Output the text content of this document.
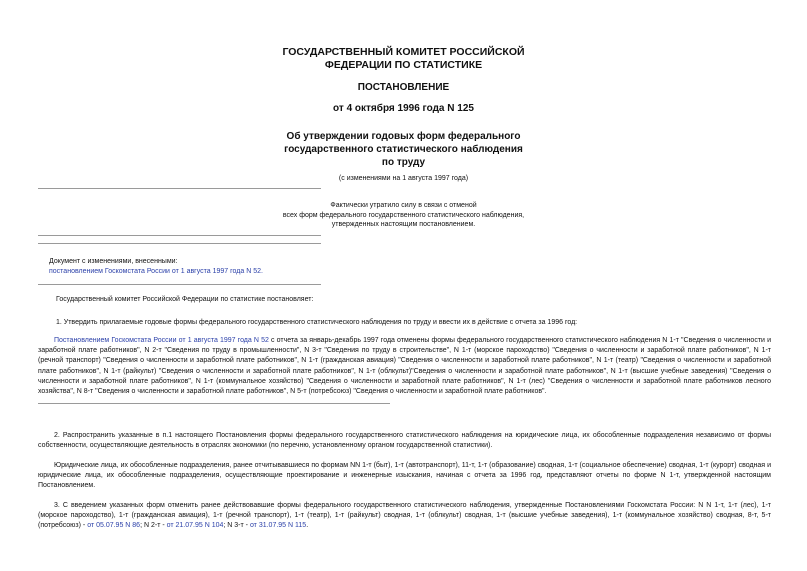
ГОСУДАРСТВЕННЫЙ КОМИТЕТ РОССИЙСКОЙ
ФЕДЕРАЦИИ ПО СТАТИСТИКЕ
ПОСТАНОВЛЕНИЕ
от 4 октября 1996 года N 125
Об утверждении годовых форм федерального
государственного статистического наблюдения
по труду
(с изменениями на 1 августа 1997 года)
Фактически утратило силу в связи с отменой
всех форм федерального государственного статистического наблюдения,
утвержденных настоящим постановлением.
Документ с изменениями, внесенными:
постановлением Госкомстата России от 1 августа 1997 года N 52.
Государственный комитет Российской Федерации по статистике постановляет:
1. Утвердить прилагаемые годовые формы федерального государственного статистического наблюдения по труду и ввести их в действие с отчета за 1996 год:
Постановлением Госкомстата России от 1 августа 1997 года N 52 с отчета за январь-декабрь 1997 года отменены формы федерального государственного статистического наблюдения N 1-т "Сведения о численности и заработной плате работников", N 2-т "Сведения по труду в промышленности", N 3-т "Сведения по труду в строительстве", N 1-т (морское пароходство) "Сведения о численности и заработной плате работников", N 1-т (речной транспорт) "Сведения о численности и заработной плате работников", N 1-т (гражданская авиация) "Сведения о численности и заработной плате работников", N 1-т (театр) "Сведения о численности и заработной плате работников", N 1-т (райкульт) "Сведения о численности и заработной плате работников", N 1-т (облкульт)"Сведения о численности и заработной плате работников", N 1-т (высшие учебные заведения) "Сведения о численности и заработной плате работников", N 1-т (коммунальное хозяйство) "Сведения о численности и заработной плате работников", N 1-т (лес) "Сведения о численности и заработной плате работников лесного хозяйства", N 8-т "Сведения о численности и заработной плате работников", N 5-т (потребсоюз) "Сведения о численности и заработной плате работников".
2. Распространить указанные в п.1 настоящего Постановления формы федерального государственного статистического наблюдения на юридические лица, их обособленные подразделения независимо от формы собственности, осуществляющие деятельность в отраслях экономики (по перечню, установленному органом государственной статистики).
Юридические лица, их обособленные подразделения, ранее отчитывавшиеся по формам NN 1-т (быт), 1-т (автотранспорт), 11-т, 1-т (образование) сводная, 1-т (социальное обеспечение) сводная, 1-т (курорт) сводная и юридические лица, их обособленные подразделения, осуществляющие проектирование и инженерные изыскания, начиная с отчета за 1996 год, представляют отчеты по форме N 1-т, утвержденной настоящим Постановлением.
3. С введением указанных форм отменить ранее действовавшие формы федерального государственного статистического наблюдения, утвержденные Постановлениями Госкомстата России: N N 1-т, 1-т (лес), 1-т (морское пароходство), 1-т (гражданская авиация), 1-т (речной транспорт), 1-т (театр), 1-т (райкульт) сводная, 1-т (облкульт) сводная, 1-т (высшие учебные заведения), 1-т (коммунальное хозяйство) сводная, 8-т, 5-т (потребсоюз) - от 05.07.95 N 86; N 2-т - от 21.07.95 N 104; N 3-т - от 31.07.95 N 115.
